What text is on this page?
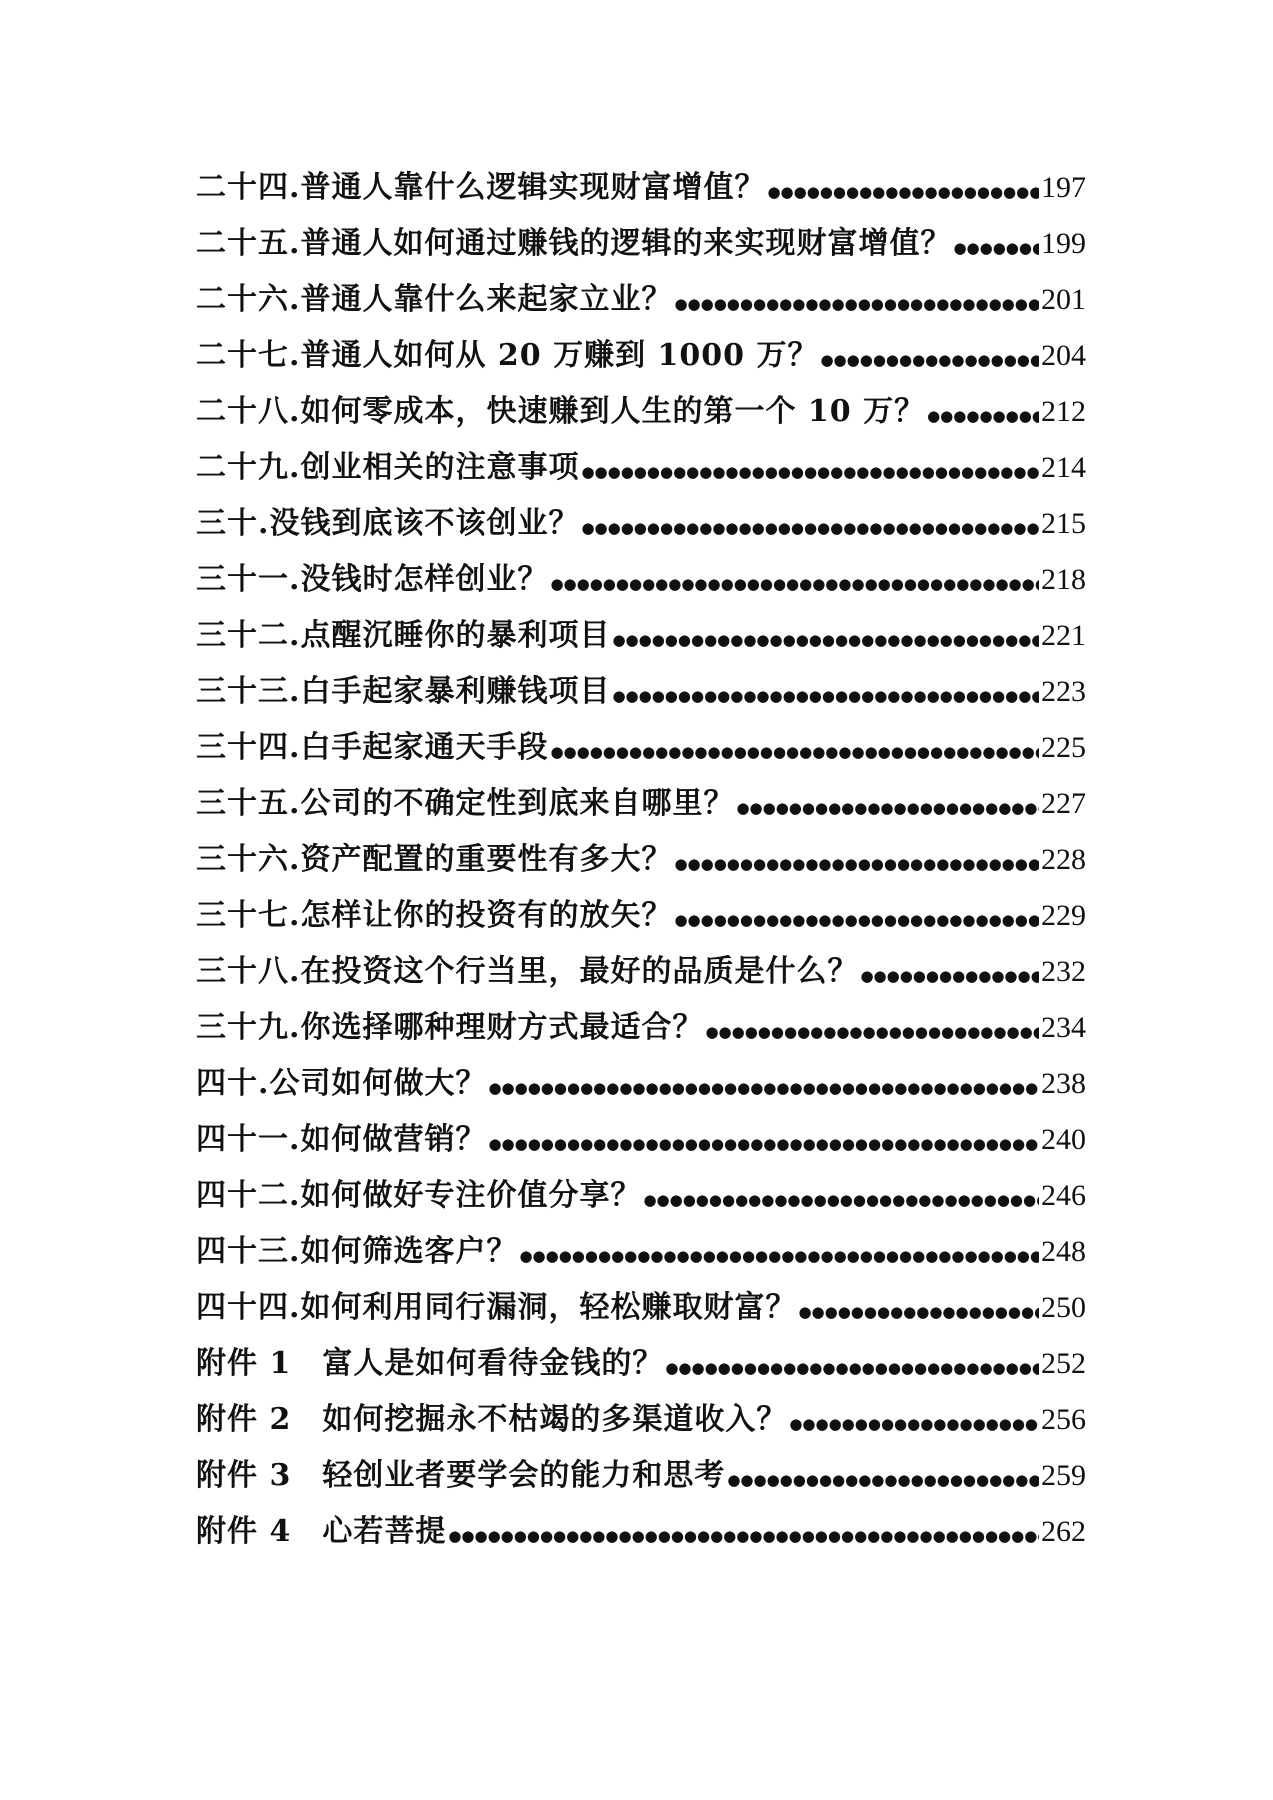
二十四.普通人靠什么逻辑实现财富增值？ ●●●●●●●●●●●●●●●●●●●●●●●●●●●●●●●●●●●●●●●●●●●●●●●●●●●●●●●●●●●●●●●●●●●●●●●●●●●●●●●●●●●●●●●●●●●●●●	197
二十五.普通人如何通过赚钱的逻辑的来实现财富增值？ ●●●●●●●●●●●●●●●●●●●●●●●●●●●●●●●●●●●●●●●●●●●●●●●●●●●●●●●●●●●●●●●●●●●●●●●●●●●●●●●●●●●●●●●●●●●●●●	199
二十六.普通人靠什么来起家立业？ ●●●●●●●●●●●●●●●●●●●●●●●●●●●●●●●●●●●●●●●●●●●●●●●●●●●●●●●●●●●●●●●●●●●●●●●●●●●●●●●●●●●●●●●●●●●●●●	201
二十七.普通人如何从 20 万赚到 1000 万？ ●●●●●●●●●●●●●●●●●●●●●●●●●●●●●●●●●●●●●●●●●●●●●●●●●●●●●●●●●●●●●●●●●●●●●●●●●●●●●●●●●●●●●●●●●●●●●●	204
二十八.如何零成本，快速赚到人生的第一个 10 万？ ●●●●●●●●●●●●●●●●●●●●●●●●●●●●●●●●●●●●●●●●●●●●●●●●●●●●●●●●●●●●●●●●●●●●●●●●●●●●●●●●●●●●●●●●●●●●●●	212
二十九.创业相关的注意事项 ●●●●●●●●●●●●●●●●●●●●●●●●●●●●●●●●●●●●●●●●●●●●●●●●●●●●●●●●●●●●●●●●●●●●●●●●●●●●●●●●●●●●●●●●●●●●●●	214
三十.没钱到底该不该创业？ ●●●●●●●●●●●●●●●●●●●●●●●●●●●●●●●●●●●●●●●●●●●●●●●●●●●●●●●●●●●●●●●●●●●●●●●●●●●●●●●●●●●●●●●●●●●●●●	215
三十一.没钱时怎样创业？ ●●●●●●●●●●●●●●●●●●●●●●●●●●●●●●●●●●●●●●●●●●●●●●●●●●●●●●●●●●●●●●●●●●●●●●●●●●●●●●●●●●●●●●●●●●●●●●	218
三十二.点醒沉睡你的暴利项目 ●●●●●●●●●●●●●●●●●●●●●●●●●●●●●●●●●●●●●●●●●●●●●●●●●●●●●●●●●●●●●●●●●●●●●●●●●●●●●●●●●●●●●●●●●●●●●●	221
三十三.白手起家暴利赚钱项目 ●●●●●●●●●●●●●●●●●●●●●●●●●●●●●●●●●●●●●●●●●●●●●●●●●●●●●●●●●●●●●●●●●●●●●●●●●●●●●●●●●●●●●●●●●●●●●●	223
三十四.白手起家通天手段 ●●●●●●●●●●●●●●●●●●●●●●●●●●●●●●●●●●●●●●●●●●●●●●●●●●●●●●●●●●●●●●●●●●●●●●●●●●●●●●●●●●●●●●●●●●●●●●	225
三十五.公司的不确定性到底来自哪里？ ●●●●●●●●●●●●●●●●●●●●●●●●●●●●●●●●●●●●●●●●●●●●●●●●●●●●●●●●●●●●●●●●●●●●●●●●●●●●●●●●●●●●●●●●●●●●●●	227
三十六.资产配置的重要性有多大？ ●●●●●●●●●●●●●●●●●●●●●●●●●●●●●●●●●●●●●●●●●●●●●●●●●●●●●●●●●●●●●●●●●●●●●●●●●●●●●●●●●●●●●●●●●●●●●●	228
三十七.怎样让你的投资有的放矢？ ●●●●●●●●●●●●●●●●●●●●●●●●●●●●●●●●●●●●●●●●●●●●●●●●●●●●●●●●●●●●●●●●●●●●●●●●●●●●●●●●●●●●●●●●●●●●●●	229
三十八.在投资这个行当里，最好的品质是什么？ ●●●●●●●●●●●●●●●●●●●●●●●●●●●●●●●●●●●●●●●●●●●●●●●●●●●●●●●●●●●●●●●●●●●●●●●●●●●●●●●●●●●●●●●●●●●●●●	232
三十九.你选择哪种理财方式最适合？ ●●●●●●●●●●●●●●●●●●●●●●●●●●●●●●●●●●●●●●●●●●●●●●●●●●●●●●●●●●●●●●●●●●●●●●●●●●●●●●●●●●●●●●●●●●●●●●	234
四十.公司如何做大？ ●●●●●●●●●●●●●●●●●●●●●●●●●●●●●●●●●●●●●●●●●●●●●●●●●●●●●●●●●●●●●●●●●●●●●●●●●●●●●●●●●●●●●●●●●●●●●●	238
四十一.如何做营销？ ●●●●●●●●●●●●●●●●●●●●●●●●●●●●●●●●●●●●●●●●●●●●●●●●●●●●●●●●●●●●●●●●●●●●●●●●●●●●●●●●●●●●●●●●●●●●●●	240
四十二.如何做好专注价值分享？ ●●●●●●●●●●●●●●●●●●●●●●●●●●●●●●●●●●●●●●●●●●●●●●●●●●●●●●●●●●●●●●●●●●●●●●●●●●●●●●●●●●●●●●●●●●●●●●	246
四十三.如何筛选客户？ ●●●●●●●●●●●●●●●●●●●●●●●●●●●●●●●●●●●●●●●●●●●●●●●●●●●●●●●●●●●●●●●●●●●●●●●●●●●●●●●●●●●●●●●●●●●●●●	248
四十四.如何利用同行漏洞，轻松赚取财富？ ●●●●●●●●●●●●●●●●●●●●●●●●●●●●●●●●●●●●●●●●●●●●●●●●●●●●●●●●●●●●●●●●●●●●●●●●●●●●●●●●●●●●●●●●●●●●●●	250
附件 1　富人是如何看待金钱的？ ●●●●●●●●●●●●●●●●●●●●●●●●●●●●●●●●●●●●●●●●●●●●●●●●●●●●●●●●●●●●●●●●●●●●●●●●●●●●●●●●●●●●●●●●●●●●●●	252
附件 2　如何挖掘永不枯竭的多渠道收入？ ●●●●●●●●●●●●●●●●●●●●●●●●●●●●●●●●●●●●●●●●●●●●●●●●●●●●●●●●●●●●●●●●●●●●●●●●●●●●●●●●●●●●●●●●●●●●●●	256
附件 3　轻创业者要学会的能力和思考 ●●●●●●●●●●●●●●●●●●●●●●●●●●●●●●●●●●●●●●●●●●●●●●●●●●●●●●●●●●●●●●●●●●●●●●●●●●●●●●●●●●●●●●●●●●●●●●	259
附件 4　心若菩提 ●●●●●●●●●●●●●●●●●●●●●●●●●●●●●●●●●●●●●●●●●●●●●●●●●●●●●●●●●●●●●●●●●●●●●●●●●●●●●●●●●●●●●●●●●●●●●●	262
